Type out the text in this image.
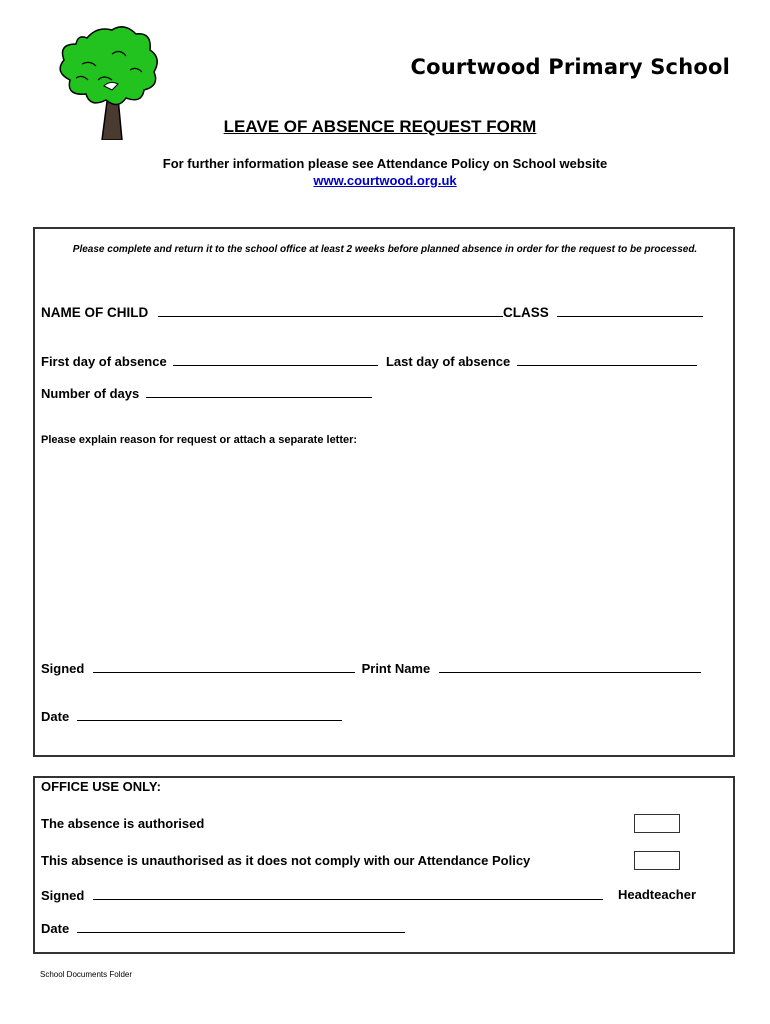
Courtwood Primary School
LEAVE OF ABSENCE REQUEST FORM
For further information please see Attendance Policy on School website
www.courtwood.org.uk
Please complete and return it to the school office at least 2 weeks before planned absence in order for the request to be processed.
NAME OF CHILD	CLASS
First day of absence	Last day of absence
Number of days
Please explain reason for request or attach a separate letter:
Signed	Print Name
Date
OFFICE USE ONLY:
The absence is authorised
This absence is unauthorised as it does not comply with our Attendance Policy
Signed	Headteacher
Date
School Documents Folder
